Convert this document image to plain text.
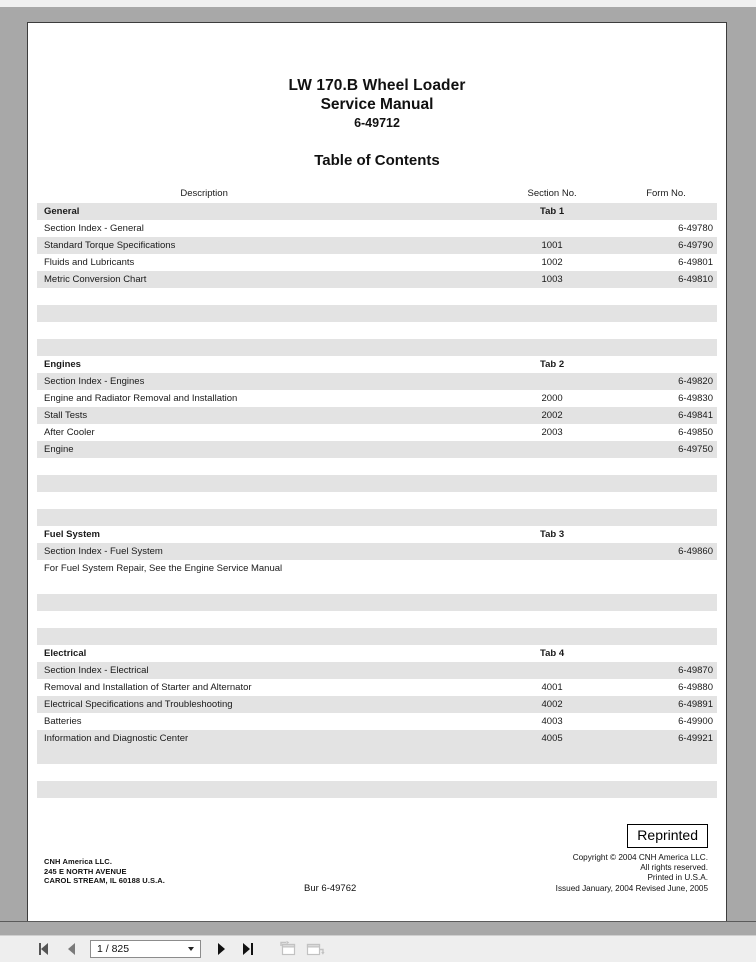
LW 170.B Wheel Loader
Service Manual
6-49712
Table of Contents
Description	Section No.	Form No.
General	Tab 1	
Section Index - General		6-49780
Standard Torque Specifications	1001	6-49790
Fluids and Lubricants	1002	6-49801
Metric Conversion Chart	1003	6-49810

Engines	Tab 2	
Section Index - Engines		6-49820
Engine and Radiator Removal and Installation	2000	6-49830
Stall Tests	2002	6-49841
After Cooler	2003	6-49850
Engine		6-49750

Fuel System	Tab 3	
Section Index - Fuel System		6-49860
For Fuel System Repair, See the Engine Service Manual		

Electrical	Tab 4	
Section Index - Electrical		6-49870
Removal and Installation of Starter and Alternator	4001	6-49880
Electrical Specifications and Troubleshooting	4002	6-49891
Batteries	4003	6-49900
Information and Diagnostic Center	4005	6-49921

Reprinted
CNH America LLC.
245 E NORTH AVENUE
CAROL STREAM, IL 60188 U.S.A.
Bur 6-49762
Copyright © 2004 CNH America LLC.
All rights reserved.
Printed in U.S.A.
Issued January, 2004 Revised June, 2005
1 / 825
